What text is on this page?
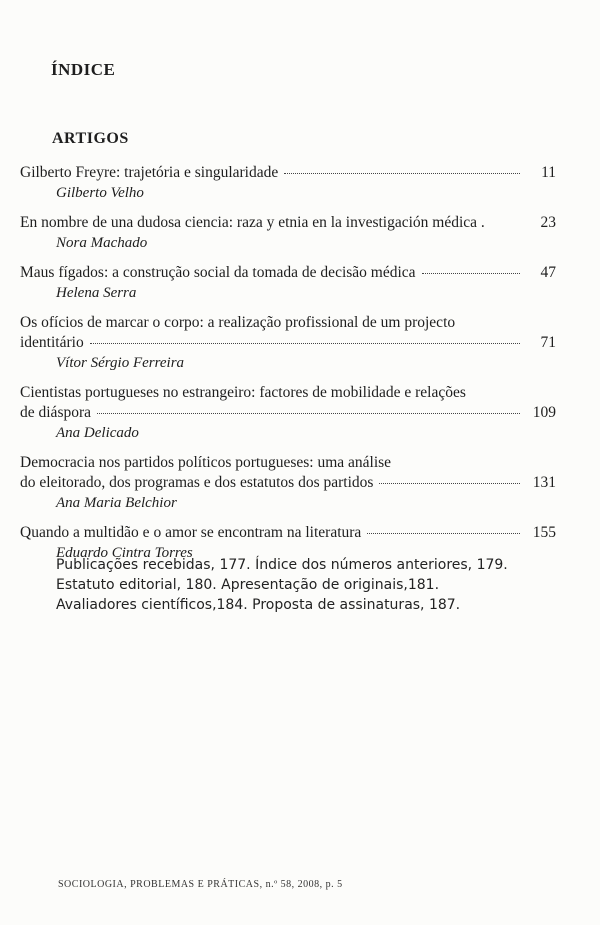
ÍNDICE
ARTIGOS
Gilberto Freyre: trajetória e singularidade	11
Gilberto Velho
En nombre de una dudosa ciencia: raza y etnia en la investigación médica .	23
Nora Machado
Maus fígados: a construção social da tomada de decisão médica	47
Helena Serra
Os ofícios de marcar o corpo: a realização profissional de um projecto
identitário	71
Vítor Sérgio Ferreira
Cientistas portugueses no estrangeiro: factores de mobilidade e relações
de diáspora	109
Ana Delicado
Democracia nos partidos políticos portugueses: uma análise
do eleitorado, dos programas e dos estatutos dos partidos	131
Ana Maria Belchior
Quando a multidão e o amor se encontram na literatura	155
Eduardo Cintra Torres
Publicações recebidas, 177. Índice dos números anteriores, 179.
Estatuto editorial, 180. Apresentação de originais,181.
Avaliadores científicos,184. Proposta de assinaturas, 187.
SOCIOLOGIA, PROBLEMAS E PRÁTICAS, n.º 58, 2008, p. 5
